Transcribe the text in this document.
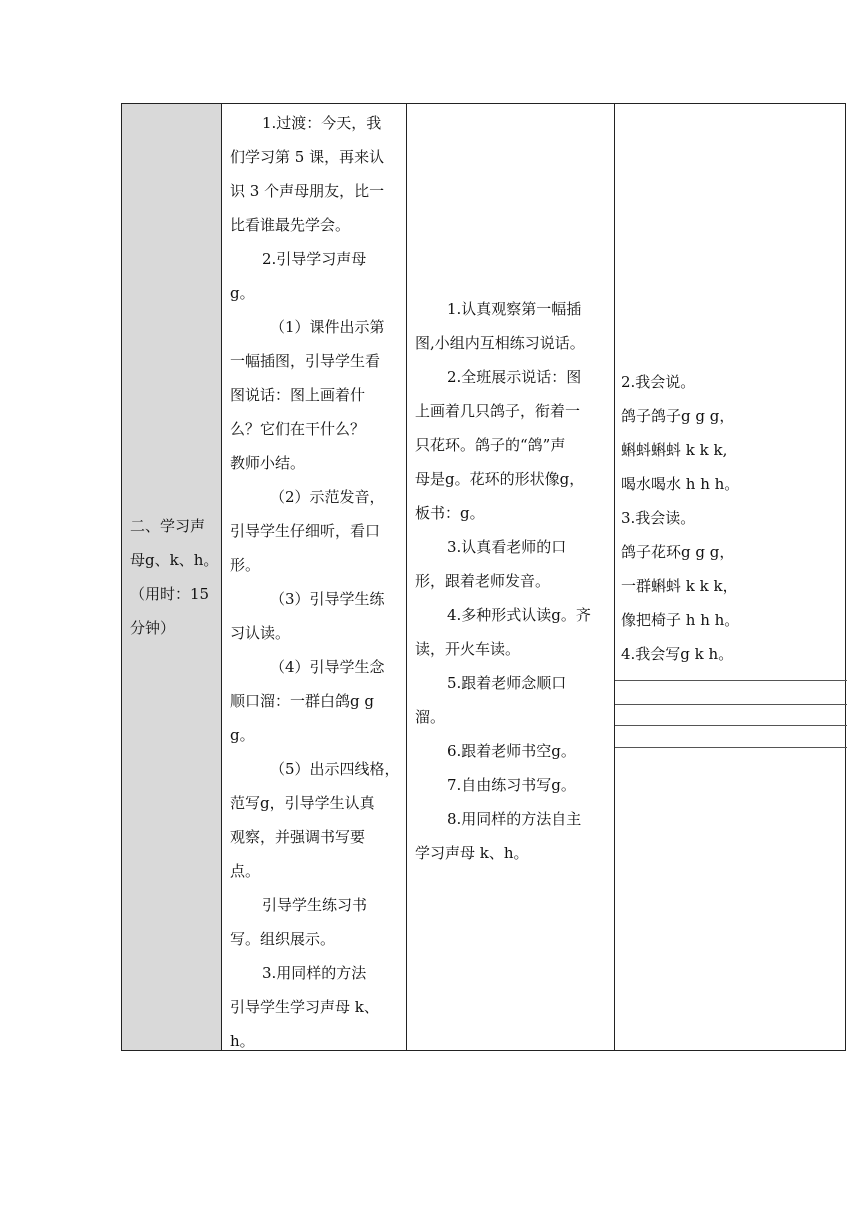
二、学习声

母g、k、h。

（用时：15

分钟）

1.过渡：今天，我

们学习第 5 课，再来认

识 3 个声母朋友，比一

比看谁最先学会。

2.引导学习声母

g。

（1）课件出示第

一幅插图，引导学生看

图说话：图上画着什

么？它们在干什么？

教师小结。

（2）示范发音，

引导学生仔细听，看口

形。

（3）引导学生练

习认读。

（4）引导学生念

顺口溜：一群白鸽g g

g。

（5）出示四线格，

范写g，引导学生认真

观察，并强调书写要

点。

引导学生练习书

写。组织展示。

3.用同样的方法

引导学生学习声母 k、

h。

1.认真观察第一幅插

图,小组内互相练习说话。

2.全班展示说话：图

上画着几只鸽子，衔着一

只花环。鸽子的“鸽”声

母是g。花环的形状像g，

板书：g。

3.认真看老师的口

形，跟着老师发音。

4.多种形式认读g。齐

读，开火车读。

5.跟着老师念顺口

溜。

6.跟着老师书空g。

7.自由练习书写g。

8.用同样的方法自主

学习声母 k、h。

2.我会说。

鸽子鸽子g g g，

蝌蚪蝌蚪 k k k,

喝水喝水 h h h。

3.我会读。

鸽子花环g g g，

一群蝌蚪 k k k，

像把椅子 h h h。

4.我会写g k h。
